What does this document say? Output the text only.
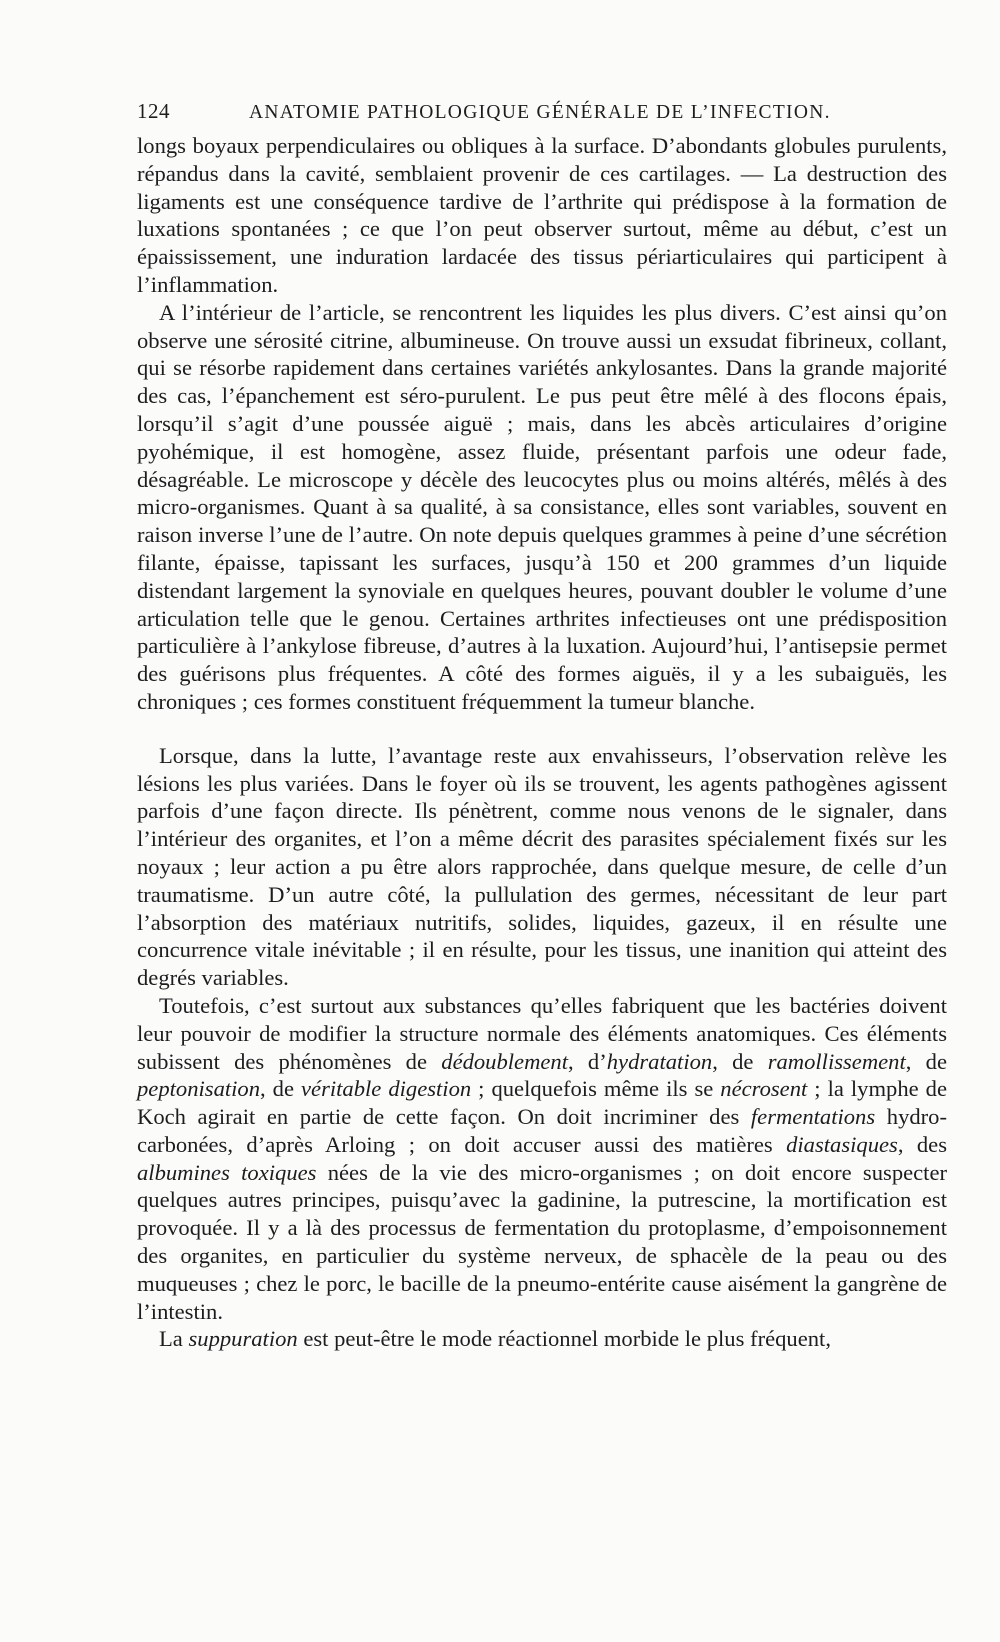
124	ANATOMIE PATHOLOGIQUE GÉNÉRALE DE L’INFECTION.

longs boyaux perpendiculaires ou obliques à la surface. D’abondants globules purulents, répandus dans la cavité, semblaient provenir de ces cartilages. — La destruction des ligaments est une conséquence tardive de l’arthrite qui prédispose à la formation de luxations spontanées ; ce que l’on peut observer surtout, même au début, c’est un épaississement, une induration lardacée des tissus périarticulaires qui participent à l’inflammation.

A l’intérieur de l’article, se rencontrent les liquides les plus divers. C’est ainsi qu’on observe une sérosité citrine, albumineuse. On trouve aussi un exsudat fibrineux, collant, qui se résorbe rapidement dans certaines variétés ankylosantes. Dans la grande majorité des cas, l’épanchement est séro-purulent. Le pus peut être mêlé à des flocons épais, lorsqu’il s’agit d’une poussée aiguë ; mais, dans les abcès articulaires d’origine pyohémique, il est homogène, assez fluide, présentant parfois une odeur fade, désagréable. Le microscope y décèle des leucocytes plus ou moins altérés, mêlés à des micro-organismes. Quant à sa qualité, à sa consistance, elles sont variables, souvent en raison inverse l’une de l’autre. On note depuis quelques grammes à peine d’une sécrétion filante, épaisse, tapissant les surfaces, jusqu’à 150 et 200 grammes d’un liquide distendant largement la synoviale en quelques heures, pouvant doubler le volume d’une articulation telle que le genou. Certaines arthrites infectieuses ont une prédisposition particulière à l’ankylose fibreuse, d’autres à la luxation. Aujourd’hui, l’antisepsie permet des guérisons plus fréquentes. A côté des formes aiguës, il y a les subaiguës, les chroniques ; ces formes constituent fréquemment la tumeur blanche.

Lorsque, dans la lutte, l’avantage reste aux envahisseurs, l’observation relève les lésions les plus variées. Dans le foyer où ils se trouvent, les agents pathogènes agissent parfois d’une façon directe. Ils pénètrent, comme nous venons de le signaler, dans l’intérieur des organites, et l’on a même décrit des parasites spécialement fixés sur les noyaux ; leur action a pu être alors rapprochée, dans quelque mesure, de celle d’un traumatisme. D’un autre côté, la pullulation des germes, nécessitant de leur part l’absorption des matériaux nutritifs, solides, liquides, gazeux, il en résulte une concurrence vitale inévitable ; il en résulte, pour les tissus, une inanition qui atteint des degrés variables.

Toutefois, c’est surtout aux substances qu’elles fabriquent que les bactéries doivent leur pouvoir de modifier la structure normale des éléments anatomiques. Ces éléments subissent des phénomènes de dédoublement, d’hydratation, de ramollissement, de peptonisation, de véritable digestion ; quelquefois même ils se nécrosent ; la lymphe de Koch agirait en partie de cette façon. On doit incriminer des fermentations hydro-carbonées, d’après Arloing ; on doit accuser aussi des matières diastasiques, des albumines toxiques nées de la vie des micro-organismes ; on doit encore suspecter quelques autres principes, puisqu’avec la gadinine, la putrescine, la mortification est provoquée. Il y a là des processus de fermentation du protoplasme, d’empoisonnement des organites, en particulier du système nerveux, de sphacèle de la peau ou des muqueuses ; chez le porc, le bacille de la pneumo-entérite cause aisément la gangrène de l’intestin.

La suppuration est peut-être le mode réactionnel morbide le plus fréquent,
